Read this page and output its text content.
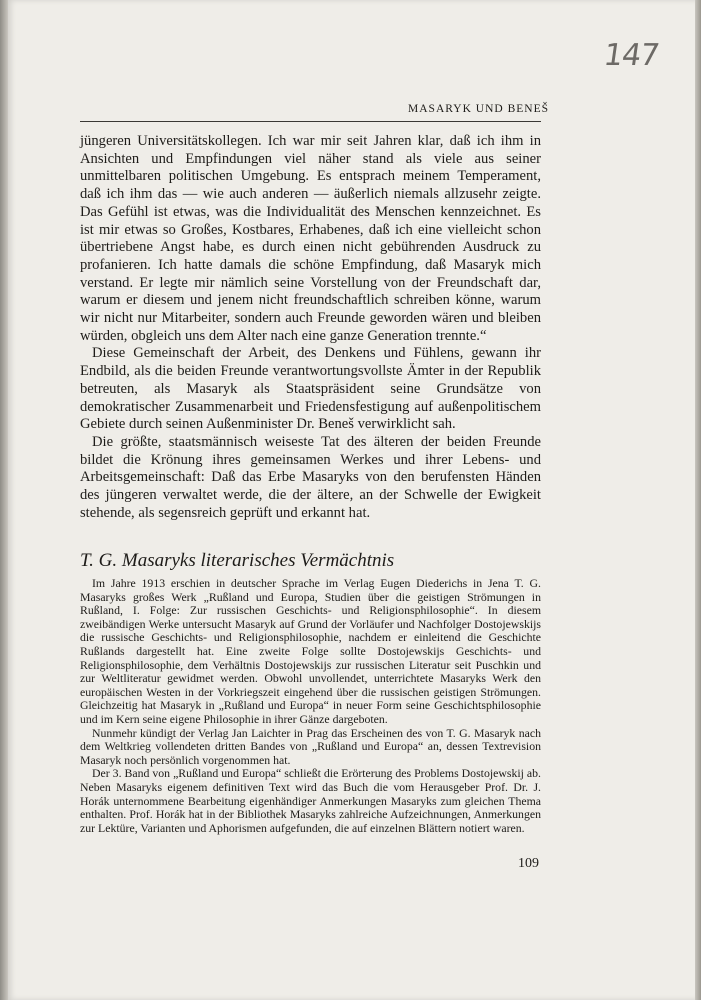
147
MASARYK UND BENEŠ

jüngeren Universitätskollegen. Ich war mir seit Jahren klar, daß ich ihm in Ansichten und Empfindungen viel näher stand als viele aus seiner unmittelbaren politischen Umgebung. Es entsprach meinem Temperament, daß ich ihm das — wie auch anderen — äußerlich niemals allzusehr zeigte. Das Gefühl ist etwas, was die Individualität des Menschen kennzeichnet. Es ist mir etwas so Großes, Kostbares, Erhabenes, daß ich eine vielleicht schon übertriebene Angst habe, es durch einen nicht gebührenden Ausdruck zu profanieren. Ich hatte damals die schöne Empfindung, daß Masaryk mich verstand. Er legte mir nämlich seine Vorstellung von der Freundschaft dar, warum er diesem und jenem nicht freundschaftlich schreiben könne, warum wir nicht nur Mitarbeiter, sondern auch Freunde geworden wären und bleiben würden, obgleich uns dem Alter nach eine ganze Generation trennte.“

Diese Gemeinschaft der Arbeit, des Denkens und Fühlens, gewann ihr Endbild, als die beiden Freunde verantwortungsvollste Ämter in der Republik betreuten, als Masaryk als Staatspräsident seine Grundsätze von demokratischer Zusammenarbeit und Friedensfestigung auf außenpolitischem Gebiete durch seinen Außenminister Dr. Beneš verwirklicht sah.

Die größte, staatsmännisch weiseste Tat des älteren der beiden Freunde bildet die Krönung ihres gemeinsamen Werkes und ihrer Lebens- und Arbeitsgemeinschaft: Daß das Erbe Masaryks von den berufensten Händen des jüngeren verwaltet werde, die der ältere, an der Schwelle der Ewigkeit stehende, als segensreich geprüft und erkannt hat.

T. G. Masaryks literarisches Vermächtnis

Im Jahre 1913 erschien in deutscher Sprache im Verlag Eugen Diederichs in Jena T. G. Masaryks großes Werk „Rußland und Europa, Studien über die geistigen Strömungen in Rußland, I. Folge: Zur russischen Geschichts- und Religionsphilosophie“. In diesem zweibändigen Werke untersucht Masaryk auf Grund der Vorläufer und Nachfolger Dostojewskijs die russische Geschichts- und Religionsphilosophie, nachdem er einleitend die Geschichte Rußlands dargestellt hat. Eine zweite Folge sollte Dostojewskijs Geschichts- und Religionsphilosophie, dem Verhältnis Dostojewskijs zur russischen Literatur seit Puschkin und zur Weltliteratur gewidmet werden. Obwohl unvollendet, unterrichtete Masaryks Werk den europäischen Westen in der Vorkriegszeit eingehend über die russischen geistigen Strömungen. Gleichzeitig hat Masaryk in „Rußland und Europa“ in neuer Form seine Geschichtsphilosophie und im Kern seine eigene Philosophie in ihrer Gänze dargeboten.

Nunmehr kündigt der Verlag Jan Laichter in Prag das Erscheinen des von T. G. Masaryk nach dem Weltkrieg vollendeten dritten Bandes von „Rußland und Europa“ an, dessen Textrevision Masaryk noch persönlich vorgenommen hat.

Der 3. Band von „Rußland und Europa“ schließt die Erörterung des Problems Dostojewskij ab. Neben Masaryks eigenem definitiven Text wird das Buch die vom Herausgeber Prof. Dr. J. Horák unternommene Bearbeitung eigenhändiger Anmerkungen Masaryks zum gleichen Thema enthalten. Prof. Horák hat in der Bibliothek Masaryks zahlreiche Aufzeichnungen, Anmerkungen zur Lektüre, Varianten und Aphorismen aufgefunden, die auf einzelnen Blättern notiert waren.

109
